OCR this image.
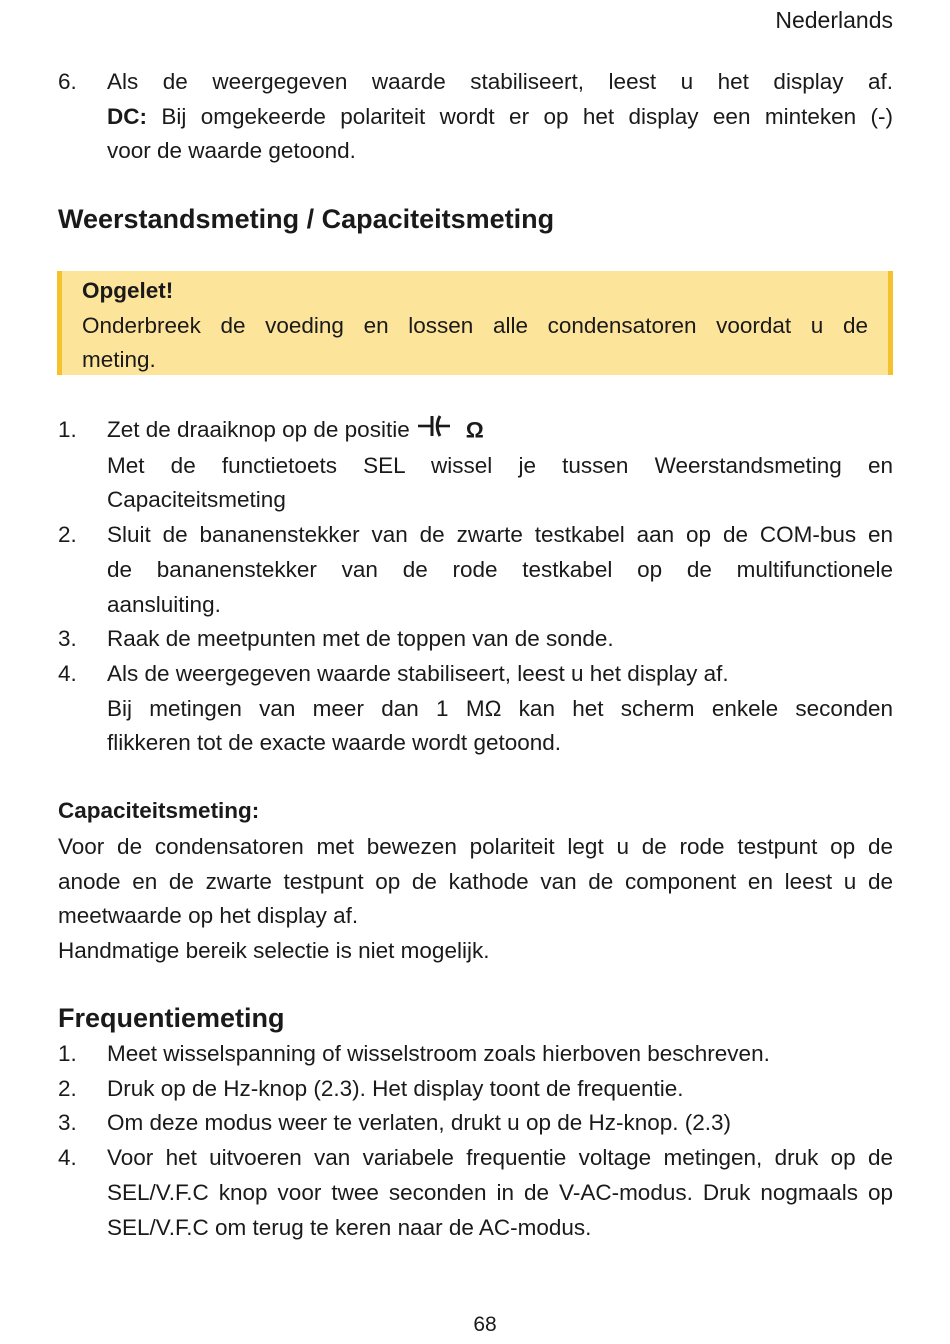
Nederlands
6. Als de weergegeven waarde stabiliseert, leest u het display af.
DC: Bij omgekeerde polariteit wordt er op het display een minteken (-)
voor de waarde getoond.
Weerstandsmeting / Capaciteitsmeting
Opgelet!
Onderbreek de voeding en lossen alle condensatoren voordat u de
meting.
1. Zet de draaiknop op de positie Ω
Met de functietoets SEL wissel je tussen Weerstandsmeting en
Capaciteitsmeting
2. Sluit de bananenstekker van de zwarte testkabel aan op de COM-bus en
de bananenstekker van de rode testkabel op de multifunctionele
aansluiting.
3. Raak de meetpunten met de toppen van de sonde.
4. Als de weergegeven waarde stabiliseert, leest u het display af.
Bij metingen van meer dan 1 MΩ kan het scherm enkele seconden
flikkeren tot de exacte waarde wordt getoond.
Capaciteitsmeting:
Voor de condensatoren met bewezen polariteit legt u de rode testpunt op de
anode en de zwarte testpunt op de kathode van de component en leest u de
meetwaarde op het display af.
Handmatige bereik selectie is niet mogelijk.
Frequentiemeting
1. Meet wisselspanning of wisselstroom zoals hierboven beschreven.
2. Druk op de Hz-knop (2.3). Het display toont de frequentie.
3. Om deze modus weer te verlaten, drukt u op de Hz-knop. (2.3)
4. Voor het uitvoeren van variabele frequentie voltage metingen, druk op de
SEL/V.F.C knop voor twee seconden in de V-AC-modus. Druk nogmaals op
SEL/V.F.C om terug te keren naar de AC-modus.
68
